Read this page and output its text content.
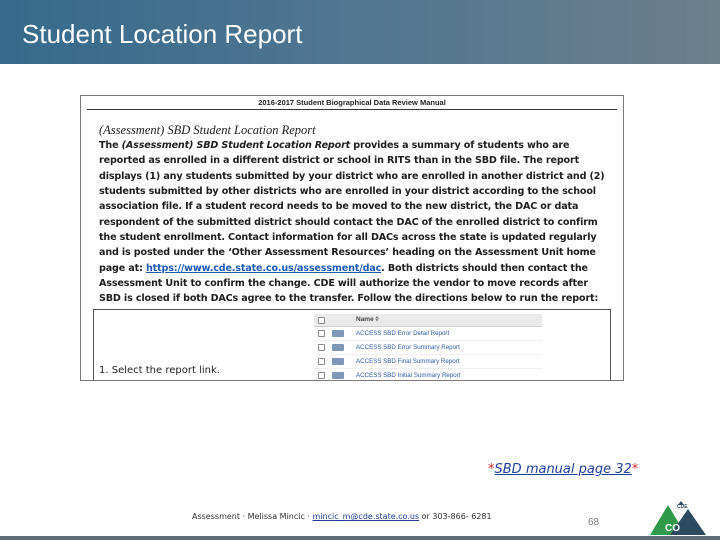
Student Location Report
2016-2017 Student Biographical Data Review Manual
(Assessment) SBD Student Location Report
The (Assessment) SBD Student Location Report provides a summary of students who are reported as enrolled in a different district or school in RITS than in the SBD file. The report displays (1) any students submitted by your district who are enrolled in another district and (2) students submitted by other districts who are enrolled in your district according to the school association file. If a student record needs to be moved to the new district, the DAC or data respondent of the submitted district should contact the DAC of the enrolled district to confirm the student enrollment. Contact information for all DACs across the state is updated regularly and is posted under the ‘Other Assessment Resources’ heading on the Assessment Unit home page at: https://www.cde.state.co.us/assessment/dac. Both districts should then contact the Assessment Unit to confirm the change. CDE will authorize the vendor to move records after SBD is closed if both DACs agree to the transfer. Follow the directions below to run the report:
Name ◊
ACCESS SBD Error Detail Report
ACCESS SBD Error Summary Report
ACCESS SBD Final Summary Report
ACCESS SBD Initial Summary Report
1. Select the report link.
*SBD manual page 32*
Assessment · Melissa Mincic · mincic_m@cde.state.co.us or 303-866- 6281
68
CO
CDE
